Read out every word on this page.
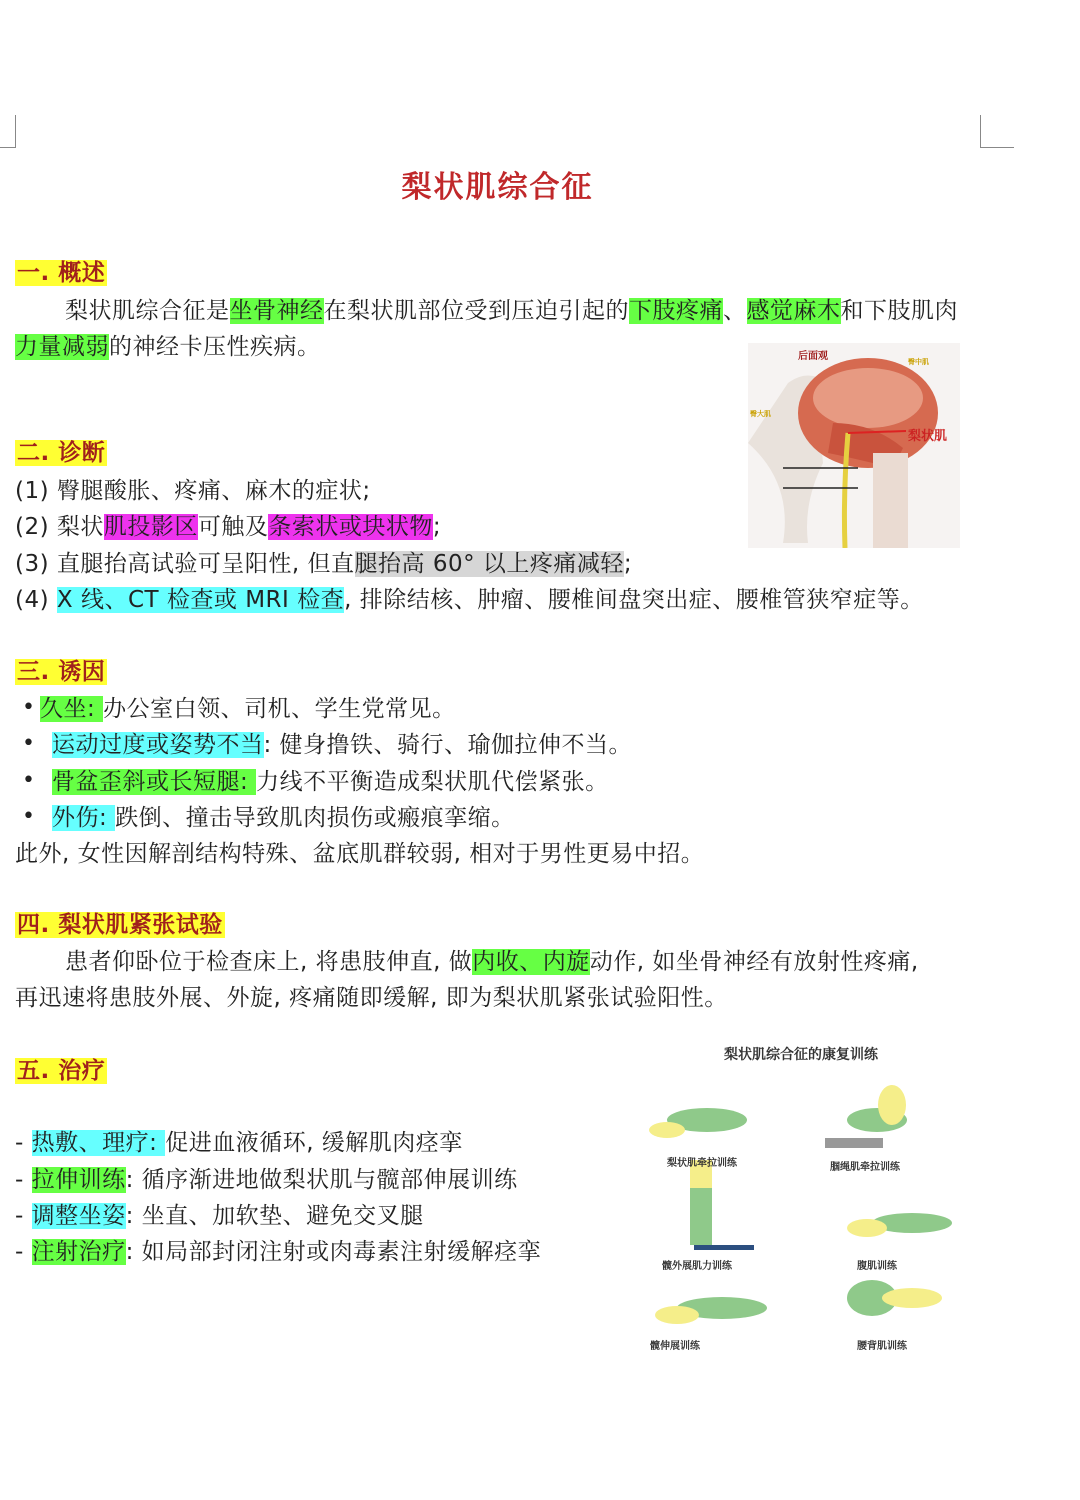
梨状肌综合征
一. 概述
梨状肌综合征是坐骨神经在梨状肌部位受到压迫引起的下肢疼痛、感觉麻木和下肢肌肉
力量减弱的神经卡压性疾病。	后面观	臀中肌
臀大肌
梨状肌
二. 诊断
(1) 臀腿酸胀、疼痛、麻木的症状;
(2) 梨状肌投影区可触及条索状或块状物;
(3) 直腿抬高试验可呈阳性, 但直腿抬高 60° 以上疼痛减轻;
(4) X 线、CT 检查或 MRI 检查, 排除结核、肿瘤、腰椎间盘突出症、腰椎管狭窄症等。
三. 诱因
•
•
•
•
久坐: 办公室白领、司机、学生党常见。
运动过度或姿势不当: 健身撸铁、骑行、瑜伽拉伸不当。
骨盆歪斜或长短腿: 力线不平衡造成梨状肌代偿紧张。
外伤: 跌倒、撞击导致肌肉损伤或瘢痕挛缩。
此外, 女性因解剖结构特殊、盆底肌群较弱, 相对于男性更易中招。
四. 梨状肌紧张试验
患者仰卧位于检查床上, 将患肢伸直, 做内收、内旋动作, 如坐骨神经有放射性疼痛,
再迅速将患肢外展、外旋, 疼痛随即缓解, 即为梨状肌紧张试验阳性。
五. 治疗
- 热敷、理疗: 促进血液循环, 缓解肌肉痉挛
- 拉伸训练: 循序渐进地做梨状肌与髋部伸展训练
- 调整坐姿: 坐直、加软垫、避免交叉腿
- 注射治疗: 如局部封闭注射或肉毒素注射缓解痉挛
梨状肌综合征的康复训练
梨状肌牵拉训练	腘绳肌牵拉训练
髋外展肌力训练	腹肌训练
髋伸展训练	腰背肌训练
